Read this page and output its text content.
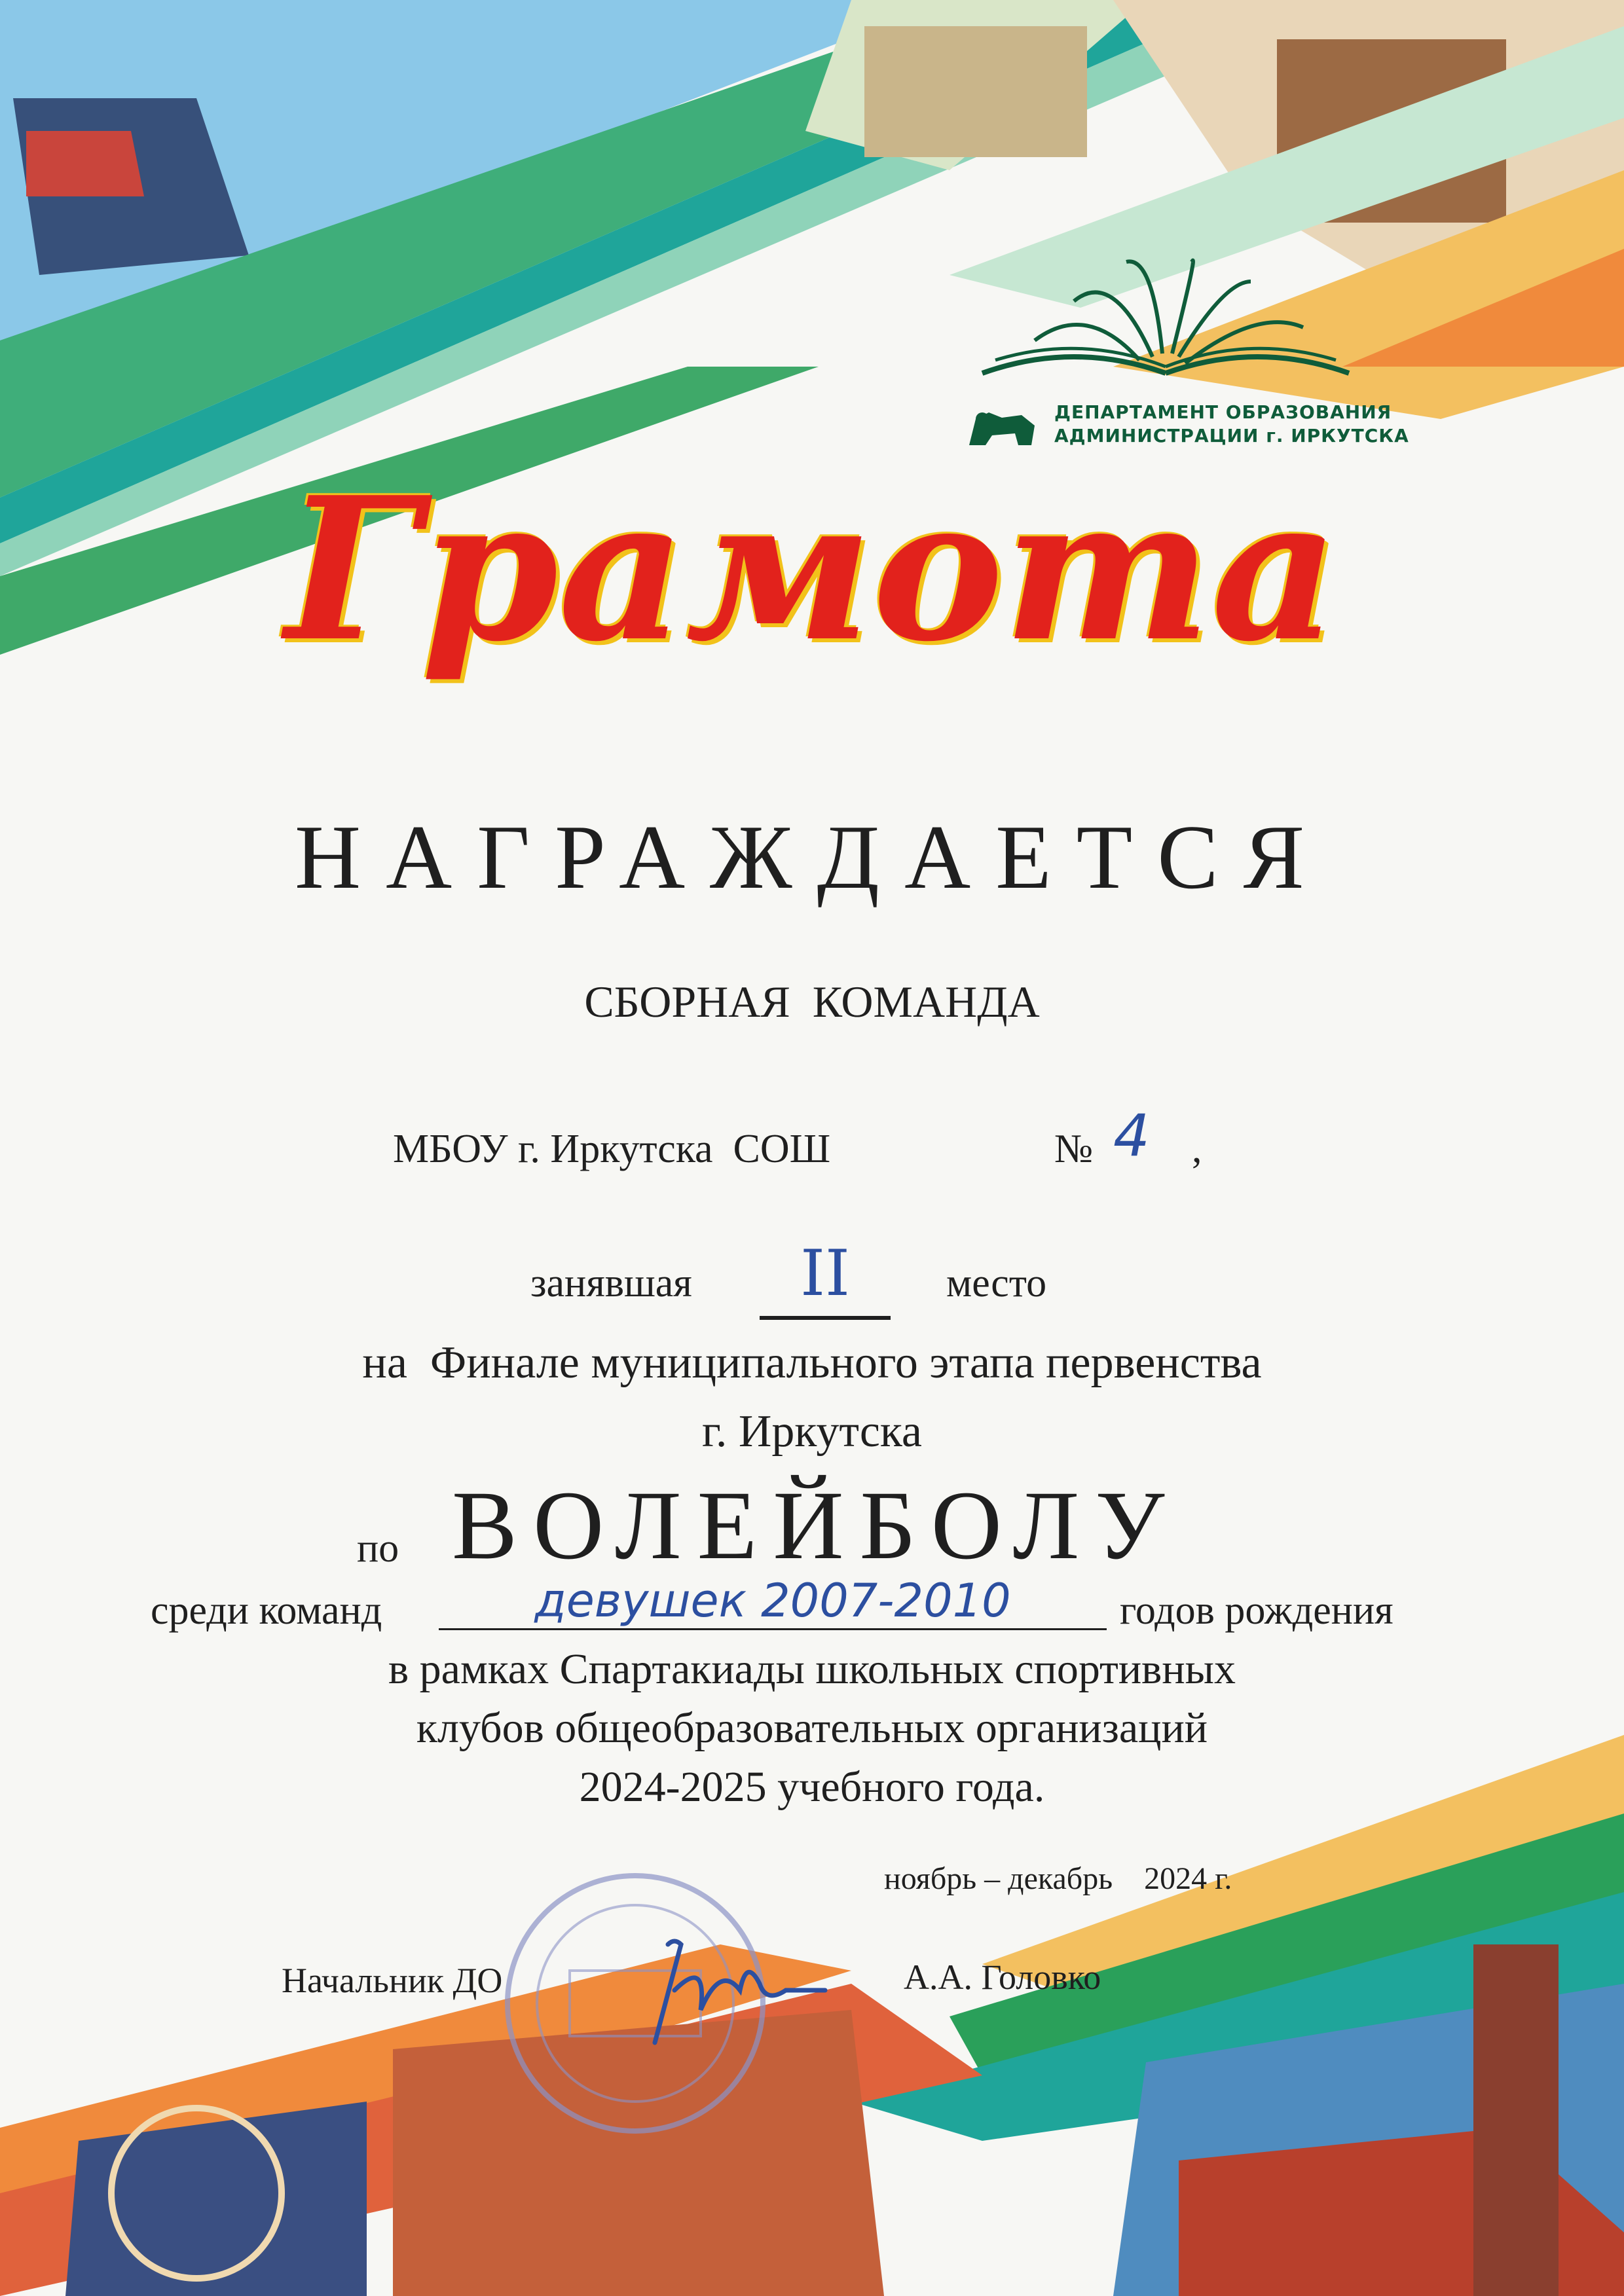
ДЕПАРТАМЕНТ ОБРАЗОВАНИЯ
АДМИНИСТРАЦИИ г. ИРКУТСКА
Грамота
НАГРАЖДАЕТСЯ
СБОРНАЯ  КОМАНДА
МБОУ г. Иркутска  СОШ	№ 4 ,
занявшая	II	место
на  Финале муниципального этапа первенства
г. Иркутска
по ВОЛЕЙБОЛУ
среди команд	девушек 2007-2010	годов рождения
в рамках Спартакиады школьных спортивных
клубов общеобразовательных организаций
2024-2025 учебного года.
ноябрь – декабрь    2024 г.
Начальник ДО	А.А. Головко
